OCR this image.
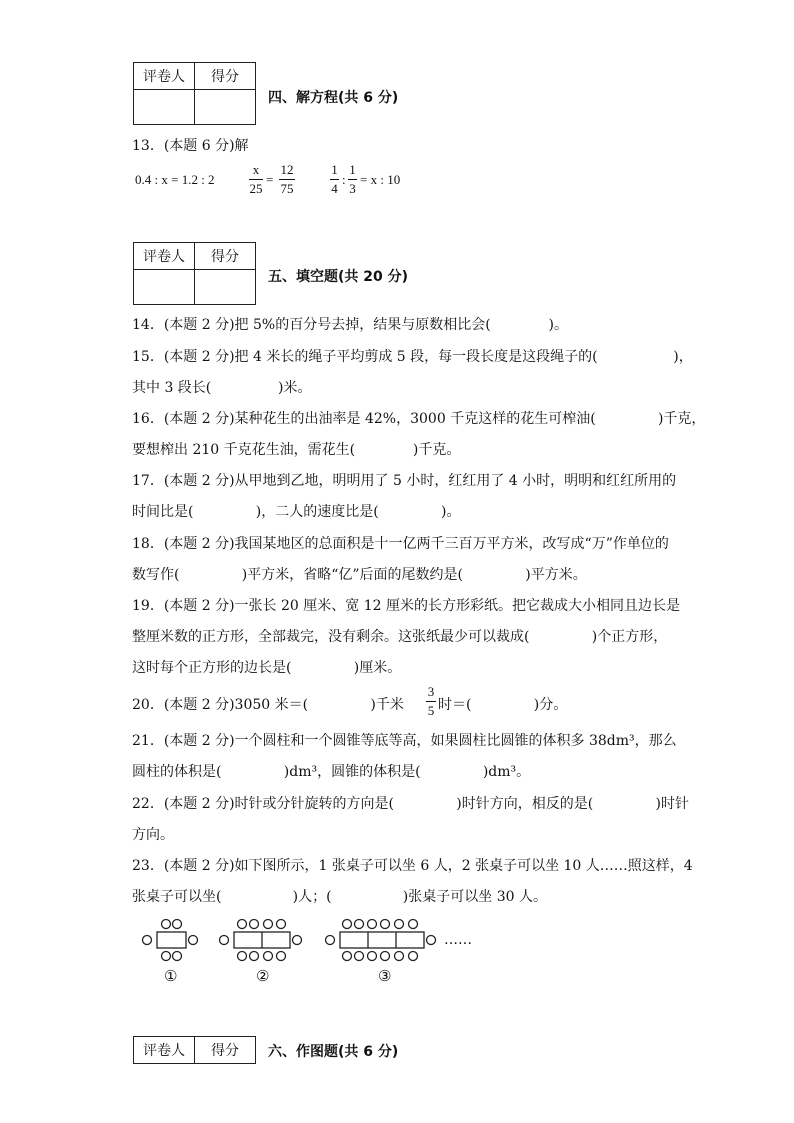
评卷人	得分

四、解方程(共 6 分)
13．(本题 6 分)解
0.4 : x = 1.2 : 2
x
25
=
12
75
1
4
:
1
3
= x : 10
评卷人	得分

五、填空题(共 20 分)
14．(本题 2 分)把 5%的百分号去掉，结果与原数相比会(             )。
15．(本题 2 分)把 4 米长的绳子平均剪成 5 段，每一段长度是这段绳子的(                 )，
其中 3 段长(               )米。
16．(本题 2 分)某种花生的出油率是 42%，3000 千克这样的花生可榨油(              )千克，
要想榨出 210 千克花生油，需花生(             )千克。
17．(本题 2 分)从甲地到乙地，明明用了 5 小时，红红用了 4 小时，明明和红红所用的
时间比是(              )，二人的速度比是(              )。
18．(本题 2 分)我国某地区的总面积是十一亿两千三百万平方米，改写成“万”作单位的
数写作(              )平方米，省略“亿”后面的尾数约是(              )平方米。
19．(本题 2 分)一张长 20 厘米、宽 12 厘米的长方形彩纸。把它裁成大小相同且边长是
整厘米数的正方形，全部裁完，没有剩余。这张纸最少可以裁成(              )个正方形，
这时每个正方形的边长是(              )厘米。
20．(本题 2 分)3050 米＝(              )千米
3
5 时＝(              )分。
21．(本题 2 分)一个圆柱和一个圆锥等底等高，如果圆柱比圆锥的体积多 38dm³，那么
圆柱的体积是(              )dm³，圆锥的体积是(              )dm³。
22．(本题 2 分)时针或分针旋转的方向是(              )时针方向，相反的是(              )时针
方向。
23．(本题 2 分)如下图所示，1 张桌子可以坐 6 人，2 张桌子可以坐 10 人……照这样，4
张桌子可以坐(                )人；(                )张桌子可以坐 30 人。
……
①	②	③
评卷人	得分 六、作图题(共 6 分)
